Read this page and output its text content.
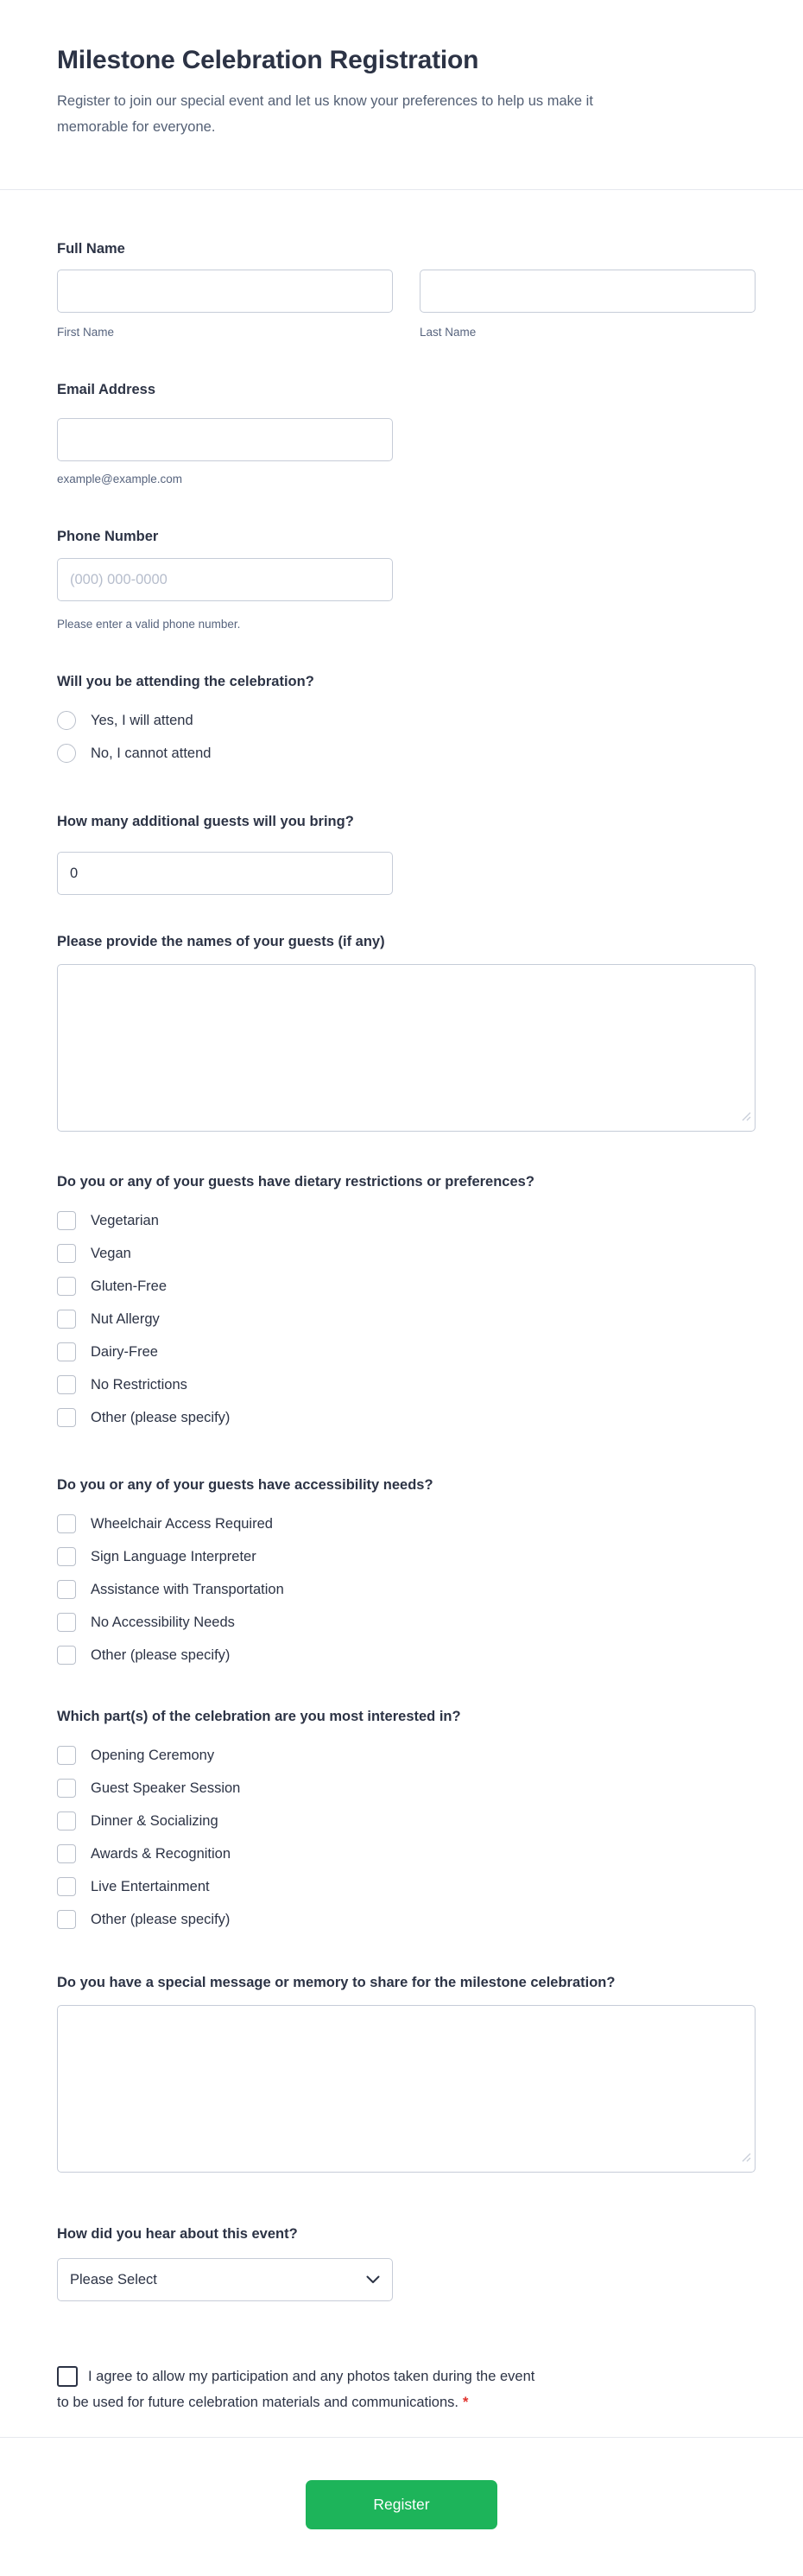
Milestone Celebration Registration

Register to join our special event and let us know your preferences to help us make it
memorable for everyone.

Full Name
First Name	Last Name
Email Address
example@example.com
Phone Number
(000) 000-0000
Please enter a valid phone number.
Will you be attending the celebration?
Yes, I will attend
No, I cannot attend
How many additional guests will you bring?
0
Please provide the names of your guests (if any)
Do you or any of your guests have dietary restrictions or preferences?
Vegetarian
Vegan
Gluten-Free
Nut Allergy
Dairy-Free
No Restrictions
Other (please specify)
Do you or any of your guests have accessibility needs?
Wheelchair Access Required
Sign Language Interpreter
Assistance with Transportation
No Accessibility Needs
Other (please specify)
Which part(s) of the celebration are you most interested in?
Opening Ceremony
Guest Speaker Session
Dinner & Socializing
Awards & Recognition
Live Entertainment
Other (please specify)
Do you have a special message or memory to share for the milestone celebration?
How did you hear about this event?
Please Select
I agree to allow my participation and any photos taken during the event
to be used for future celebration materials and communications. *
Register
